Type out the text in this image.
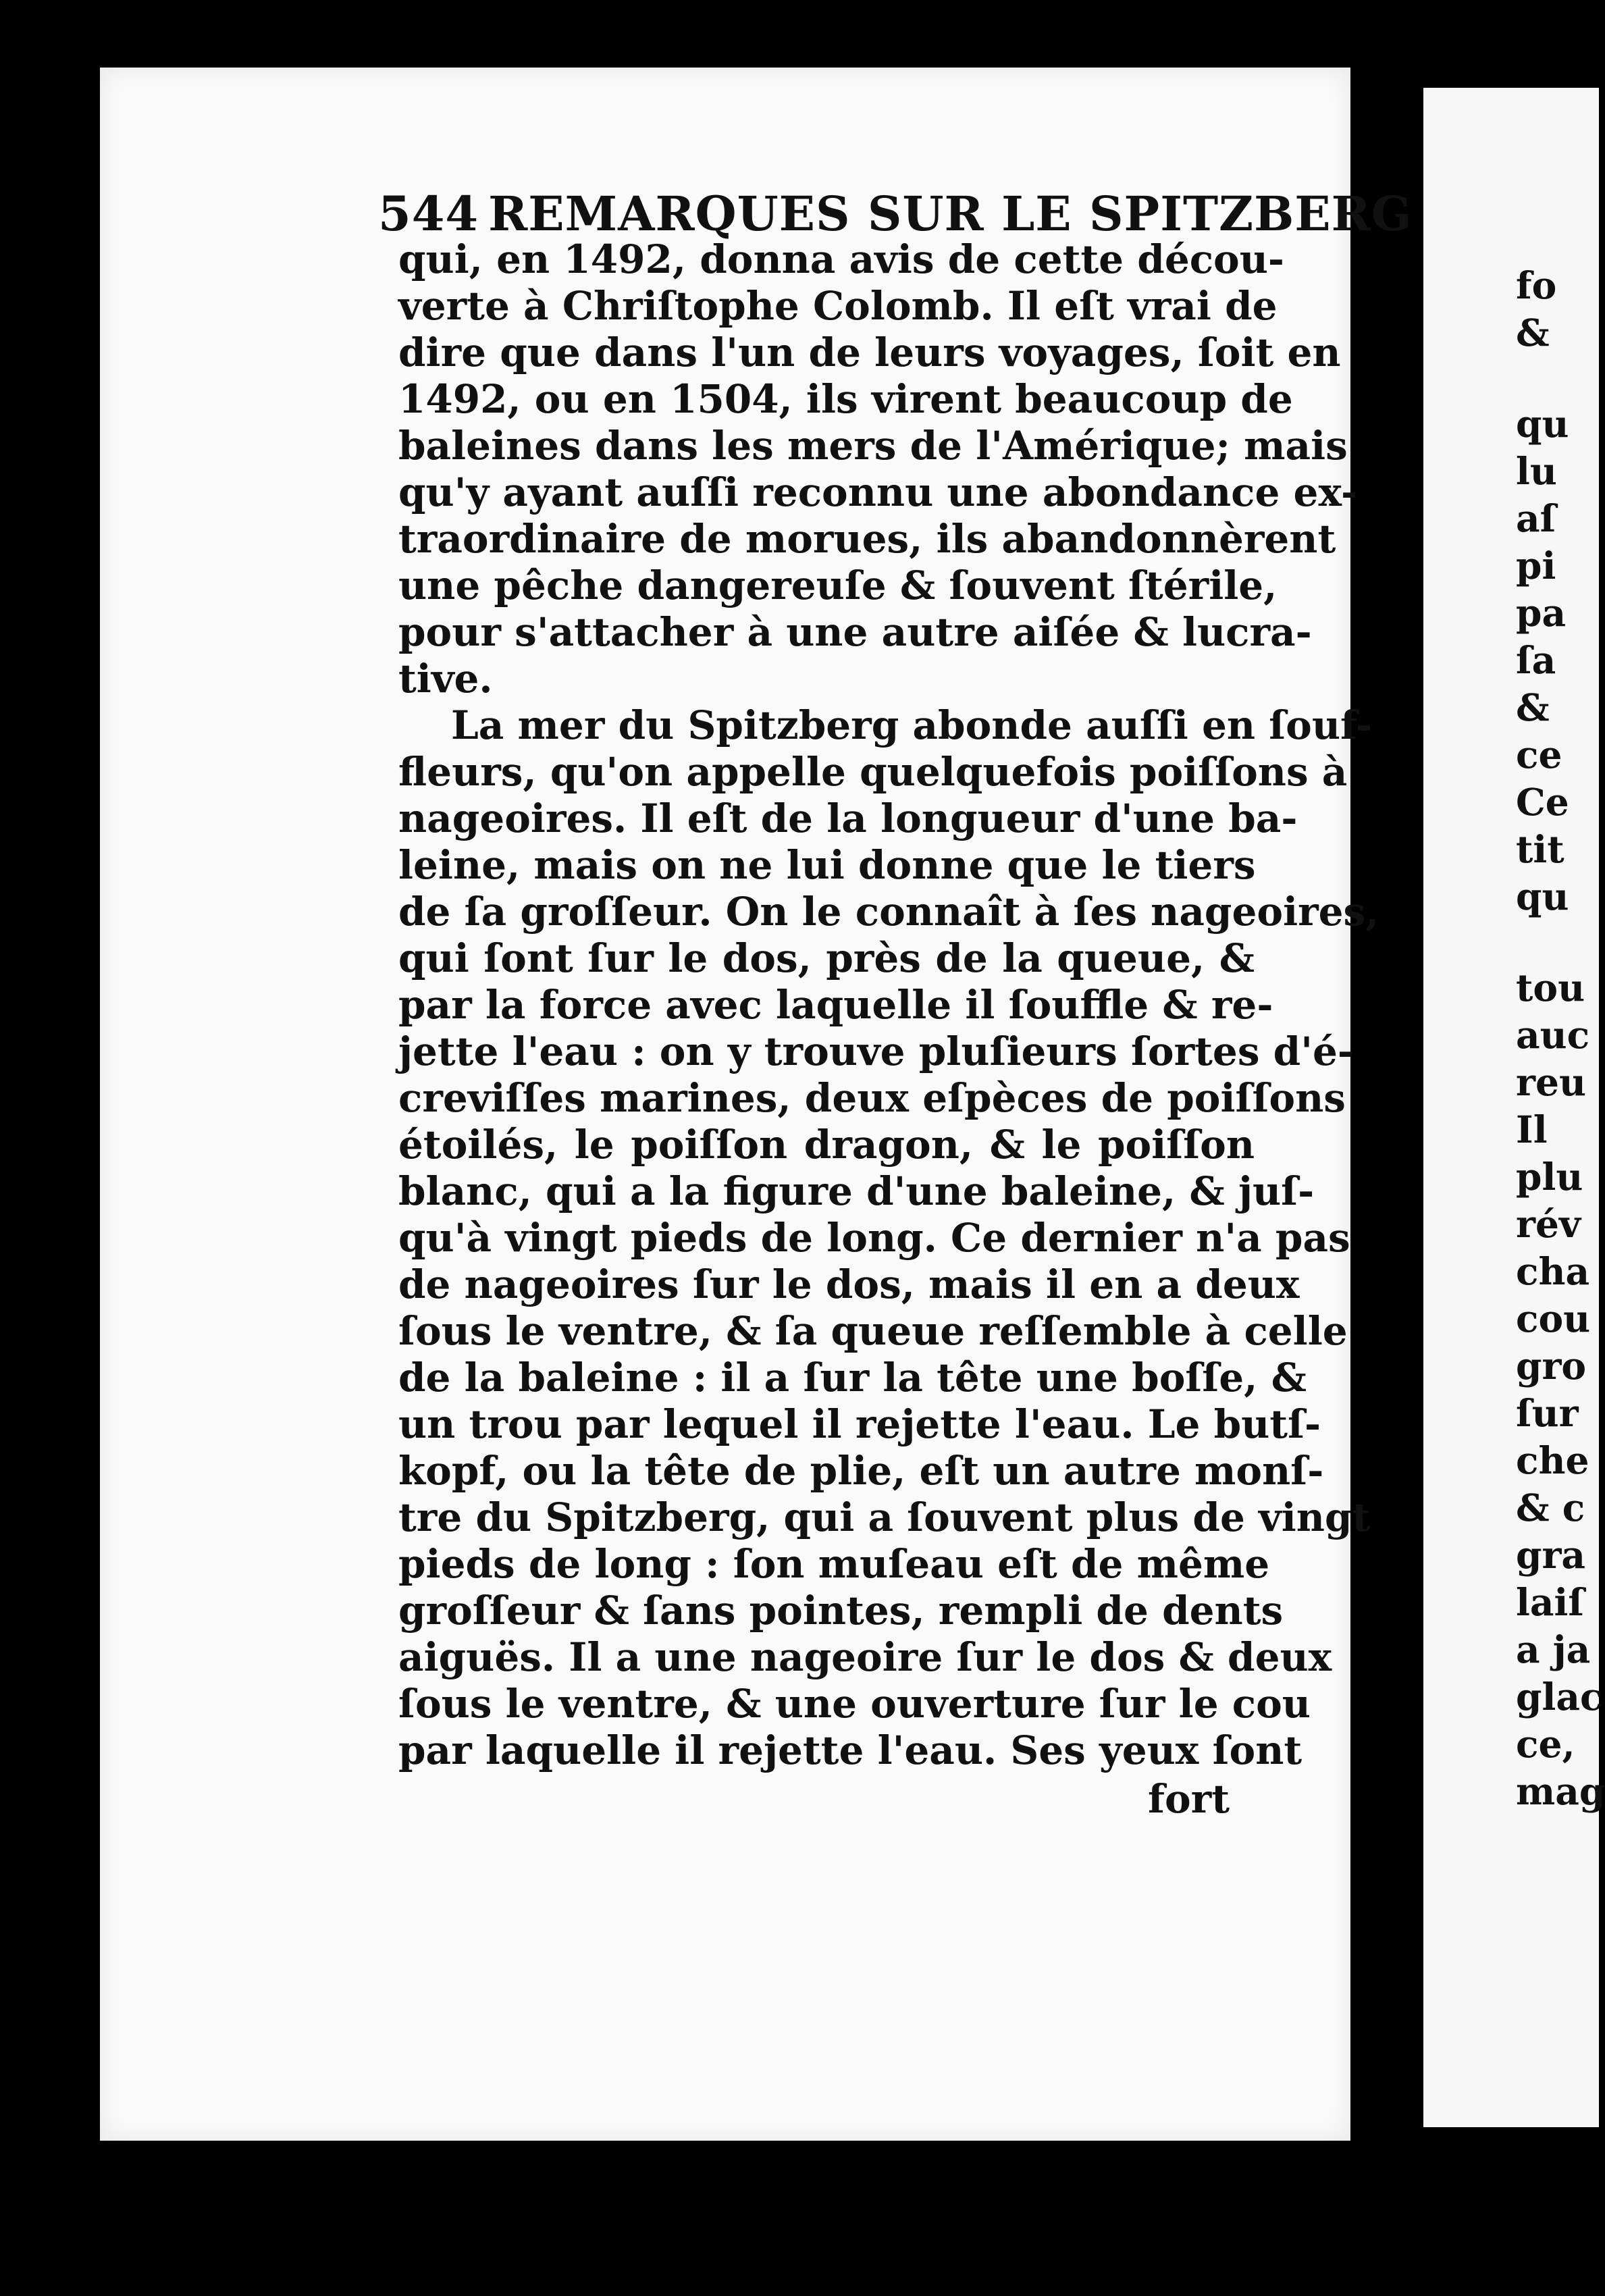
544 REMARQUES SUR LE SPITZBERG
qui, en 1492, donna avis de cette décou-
verte à Chriſtophe Colomb. Il eſt vrai de
dire que dans l'un de leurs voyages, ſoit en
1492, ou en 1504, ils virent beaucoup de
baleines dans les mers de l'Amérique; mais
qu'y ayant auſſi reconnu une abondance ex-
traordinaire de morues, ils abandonnèrent
une pêche dangereuſe & ſouvent ſtérile,
pour s'attacher à une autre aiſée & lucra-
tive.
La mer du Spitzberg abonde auſſi en ſouf-
fleurs, qu'on appelle quelquefois poiſſons à
nageoires. Il eſt de la longueur d'une ba-
leine, mais on ne lui donne que le tiers
de ſa groſſeur. On le connaît à ſes nageoires,
qui ſont ſur le dos, près de la queue, &
par la force avec laquelle il ſouffle & re-
jette l'eau : on y trouve pluſieurs ſortes d'é-
creviſſes marines, deux eſpèces de poiſſons
étoilés, le poiſſon dragon, & le poiſſon
blanc, qui a la figure d'une baleine, & juſ-
qu'à vingt pieds de long. Ce dernier n'a pas
de nageoires ſur le dos, mais il en a deux
ſous le ventre, & ſa queue reſſemble à celle
de la baleine : il a ſur la tête une boſſe, &
un trou par lequel il rejette l'eau. Le butſ-
kopf, ou la tête de plie, eſt un autre monſ-
tre du Spitzberg, qui a ſouvent plus de vingt
pieds de long : ſon muſeau eſt de même
groſſeur & ſans pointes, rempli de dents
aiguës. Il a une nageoire ſur le dos & deux
ſous le ventre, & une ouverture ſur le cou
par laquelle il rejette l'eau. Ses yeux ſont
fort
fo
&
qu
lu
aſ
pi
pa
ſa
&
ce
Ce
tit
qu
tou
auc
reu
Il
plu
rév
cha
cou
gro
ſur
che
& c
gra
laiſ
a ja
glac
ce,
mag
